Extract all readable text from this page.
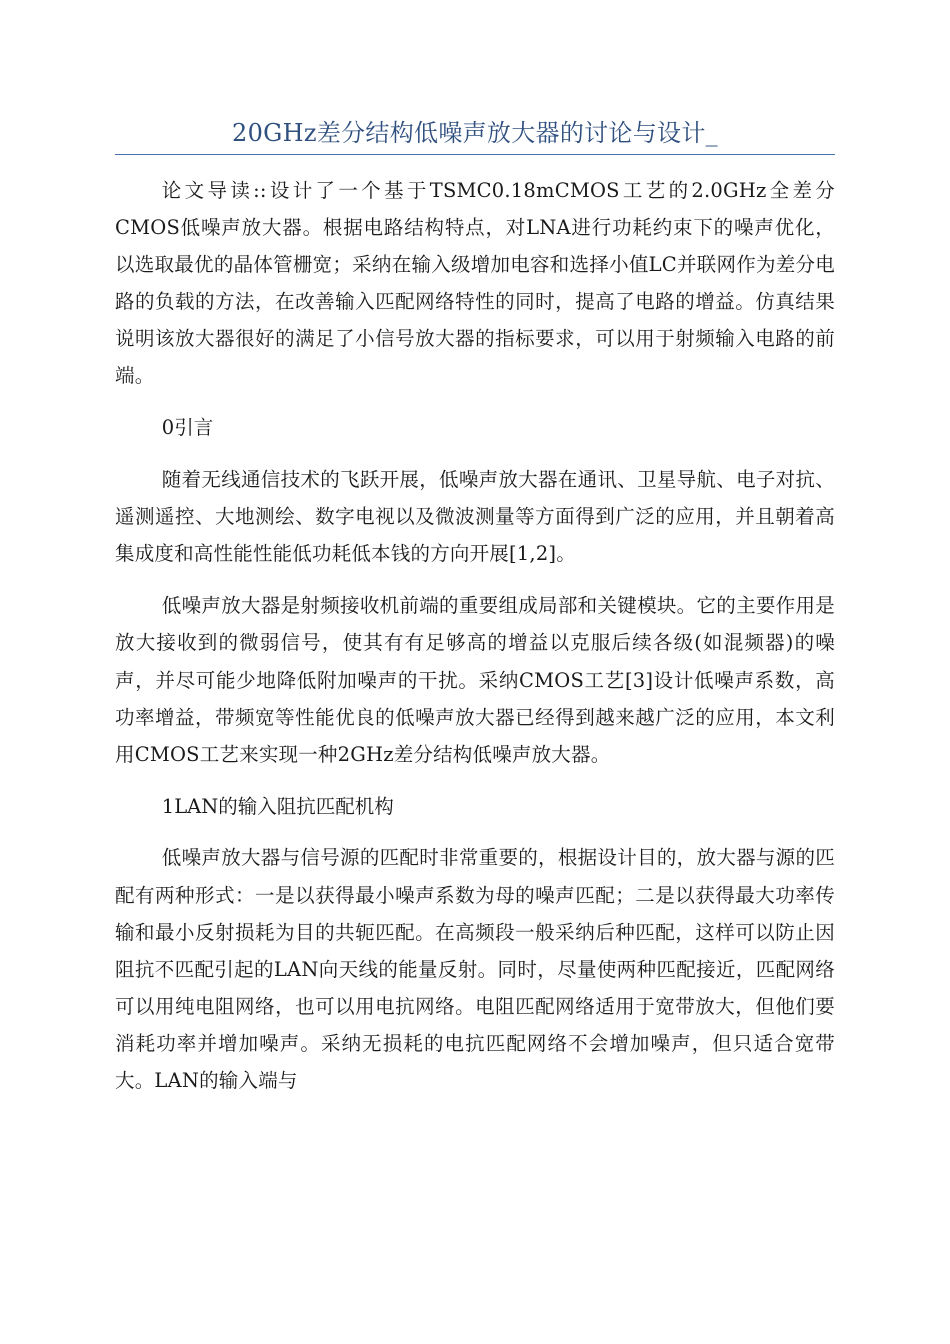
20GHz差分结构低噪声放大器的讨论与设计_

论文导读::设计了一个基于TSMC0.18mCMOS工艺的2.0GHz全差分CMOS低噪声放大器。根据电路结构特点，对LNA进行功耗约束下的噪声优化，以选取最优的晶体管栅宽；采纳在输入级增加电容和选择小值LC并联网作为差分电路的负载的方法，在改善输入匹配网络特性的同时，提高了电路的增益。仿真结果说明该放大器很好的满足了小信号放大器的指标要求，可以用于射频输入电路的前端。

0引言

随着无线通信技术的飞跃开展，低噪声放大器在通讯、卫星导航、电子对抗、遥测遥控、大地测绘、数字电视以及微波测量等方面得到广泛的应用，并且朝着高集成度和高性能性能低功耗低本钱的方向开展[1,2]。

低噪声放大器是射频接收机前端的重要组成局部和关键模块。它的主要作用是放大接收到的微弱信号，使其有有足够高的增益以克服后续各级(如混频器)的噪声，并尽可能少地降低附加噪声的干扰。采纳CMOS工艺[3]设计低噪声系数，高功率增益，带频宽等性能优良的低噪声放大器已经得到越来越广泛的应用，本文利用CMOS工艺来实现一种2GHz差分结构低噪声放大器。

1LAN的输入阻抗匹配机构

低噪声放大器与信号源的匹配时非常重要的，根据设计目的，放大器与源的匹配有两种形式：一是以获得最小噪声系数为母的噪声匹配；二是以获得最大功率传输和最小反射损耗为目的共轭匹配。在高频段一般采纳后种匹配，这样可以防止因阻抗不匹配引起的LAN向天线的能量反射。同时，尽量使两种匹配接近，匹配网络可以用纯电阻网络，也可以用电抗网络。电阻匹配网络适用于宽带放大，但他们要消耗功率并增加噪声。采纳无损耗的电抗匹配网络不会增加噪声，但只适合宽带大。LAN的输入端与
